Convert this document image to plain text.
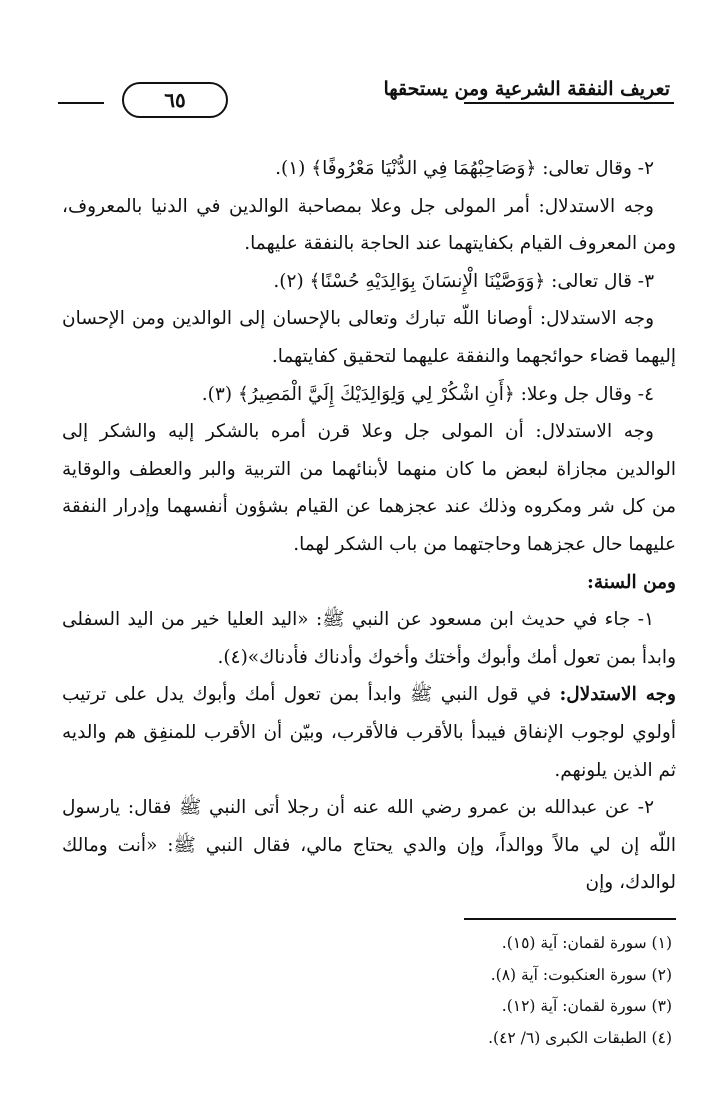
تعريف النفقة الشرعية ومن يستحقها
٦٥

٢- وقال تعالى: ﴿وَصَاحِبْهُمَا فِي الدُّنْيَا مَعْرُوفًا﴾ (١).

وجه الاستدلال: أمر المولى جل وعلا بمصاحبة الوالدين في الدنيا بالمعروف، ومن المعروف القيام بكفايتهما عند الحاجة بالنفقة عليهما.

٣- قال تعالى: ﴿وَوَصَّيْنَا الْإِنسَانَ بِوَالِدَيْهِ حُسْنًا﴾ (٢).

وجه الاستدلال: أوصانا اللّه تبارك وتعالى بالإحسان إلى الوالدين ومن الإحسان إليهما قضاء حوائجهما والنفقة عليهما لتحقيق كفايتهما.

٤- وقال جل وعلا: ﴿أَنِ اشْكُرْ لِي وَلِوَالِدَيْكَ إِلَيَّ الْمَصِيرُ﴾ (٣).

وجه الاستدلال: أن المولى جل وعلا قرن أمره بالشكر إليه والشكر إلى الوالدين مجازاة لبعض ما كان منهما لأبنائهما من التربية والبر والعطف والوقاية من كل شر ومكروه وذلك عند عجزهما عن القيام بشؤون أنفسهما وإدرار النفقة عليهما حال عجزهما وحاجتهما من باب الشكر لهما.

ومن السنة:

١- جاء في حديث ابن مسعود عن النبي ﷺ: «اليد العليا خير من اليد السفلى وابدأ بمن تعول أمك وأبوك وأختك وأخوك وأدناك فأدناك»(٤).

وجه الاستدلال: في قول النبي ﷺ وابدأ بمن تعول أمك وأبوك يدل على ترتيب أولوي لوجوب الإنفاق فيبدأ بالأقرب فالأقرب، وبيّن أن الأقرب للمنفِق هم والديه ثم الذين يلونهم.

٢- عن عبدالله بن عمرو رضي الله عنه أن رجلا أتى النبي ﷺ فقال: يارسول اللّه إن لي مالاً ووالداً، وإن والدي يحتاج مالي، فقال النبي ﷺ: «أنت ومالك لوالدك، وإن

(١) سورة لقمان: آية (١٥).

(٢) سورة العنكبوت: آية (٨).

(٣) سورة لقمان: آية (١٢).

(٤) الطبقات الكبرى (٦/ ٤٢).
